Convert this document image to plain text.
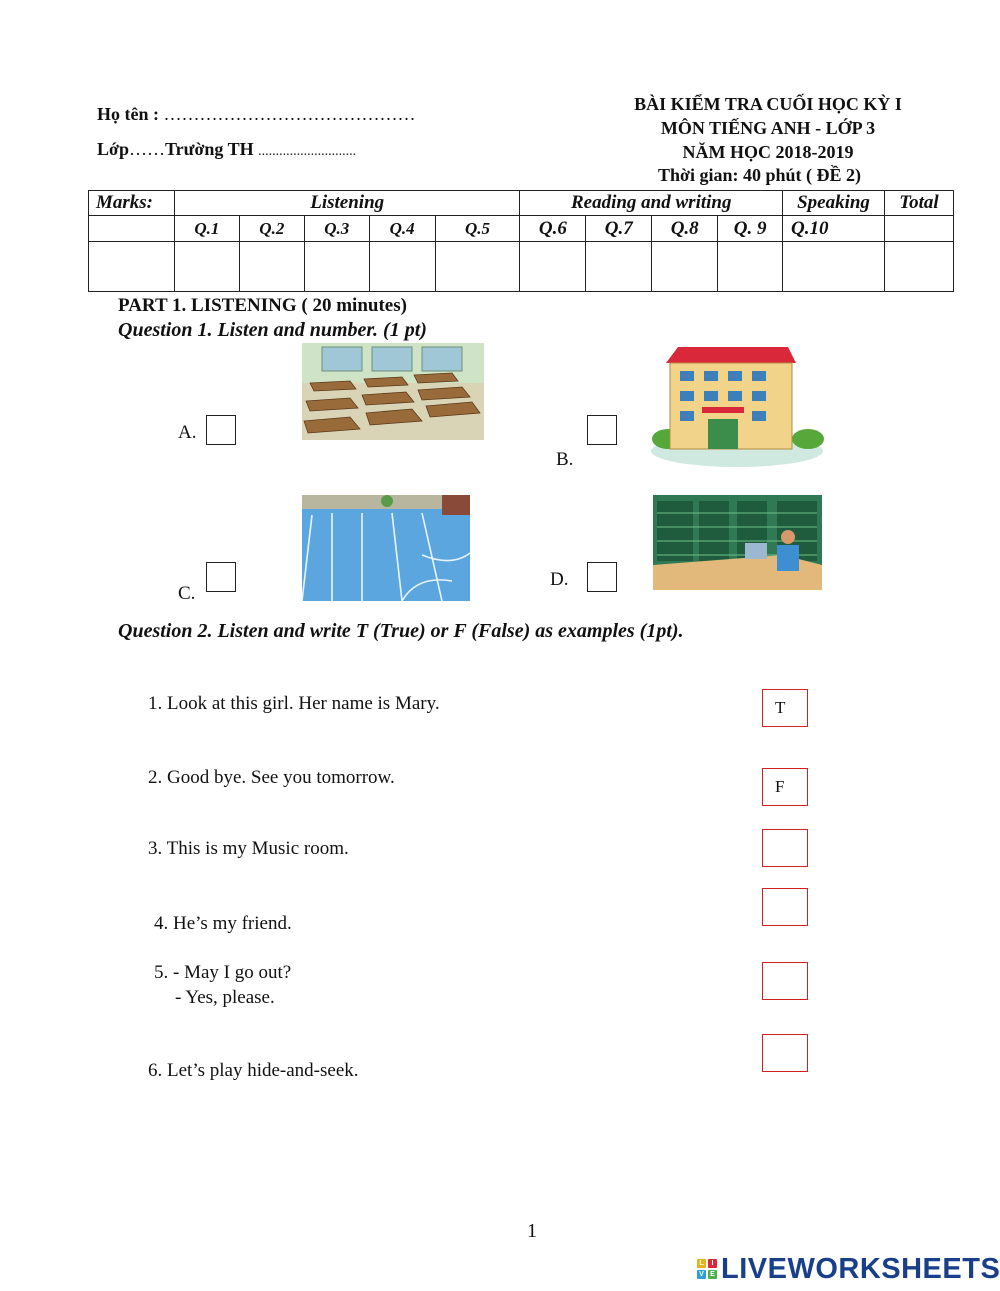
Họ tên : ……………………………………
Lớp……Trường TH ............................
BÀI KIỂM TRA CUỐI HỌC KỲ I
MÔN TIẾNG ANH - LỚP 3
NĂM HỌC 2018-2019
Thời gian: 40 phút ( ĐỀ 2)
Marks:	Listening					Reading and writing				Speaking	Total
	Q.1	Q.2	Q.3	Q.4	Q.5	Q.6	Q.7	Q.8	Q. 9	Q.10	

PART 1. LISTENING ( 20 minutes)
Question 1. Listen and number. (1 pt)
A.
B.
C.
D.
Question 2. Listen and write T (True) or F (False) as examples (1pt).
1. Look at this girl. Her name is Mary.	T
2. Good bye. See you tomorrow.	F
3. This is my Music room.
4. He’s my friend.
5. - May I go out?
- Yes, please.
6. Let’s play hide-and-seek.
1
L	I
V E LIVEWORKSHEETS
